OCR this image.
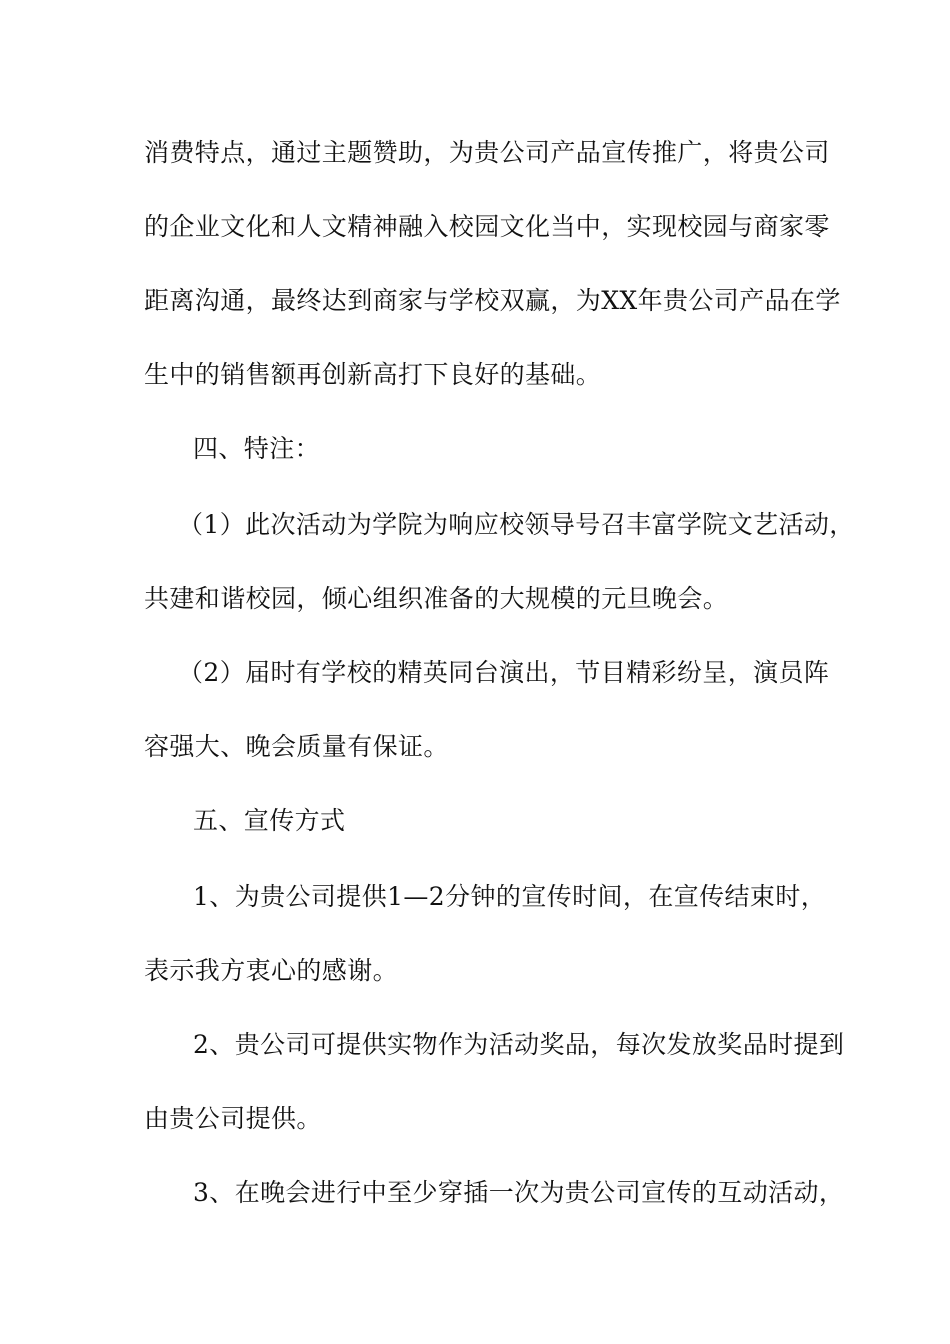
消费特点，通过主题赞助，为贵公司产品宣传推广，将贵公司
的企业文化和人文精神融入校园文化当中，实现校园与商家零
距离沟通，最终达到商家与学校双赢，为XX年贵公司产品在学
生中的销售额再创新高打下良好的基础。
四、特注：
（1）此次活动为学院为响应校领导号召丰富学院文艺活动，
共建和谐校园，倾心组织准备的大规模的元旦晚会。
（2）届时有学校的精英同台演出，节目精彩纷呈，演员阵
容强大、晚会质量有保证。
五、宣传方式
1、为贵公司提供1—2分钟的宣传时间，在宣传结束时，
表示我方衷心的感谢。
2、贵公司可提供实物作为活动奖品，每次发放奖品时提到
由贵公司提供。
3、在晚会进行中至少穿插一次为贵公司宣传的互动活动，
